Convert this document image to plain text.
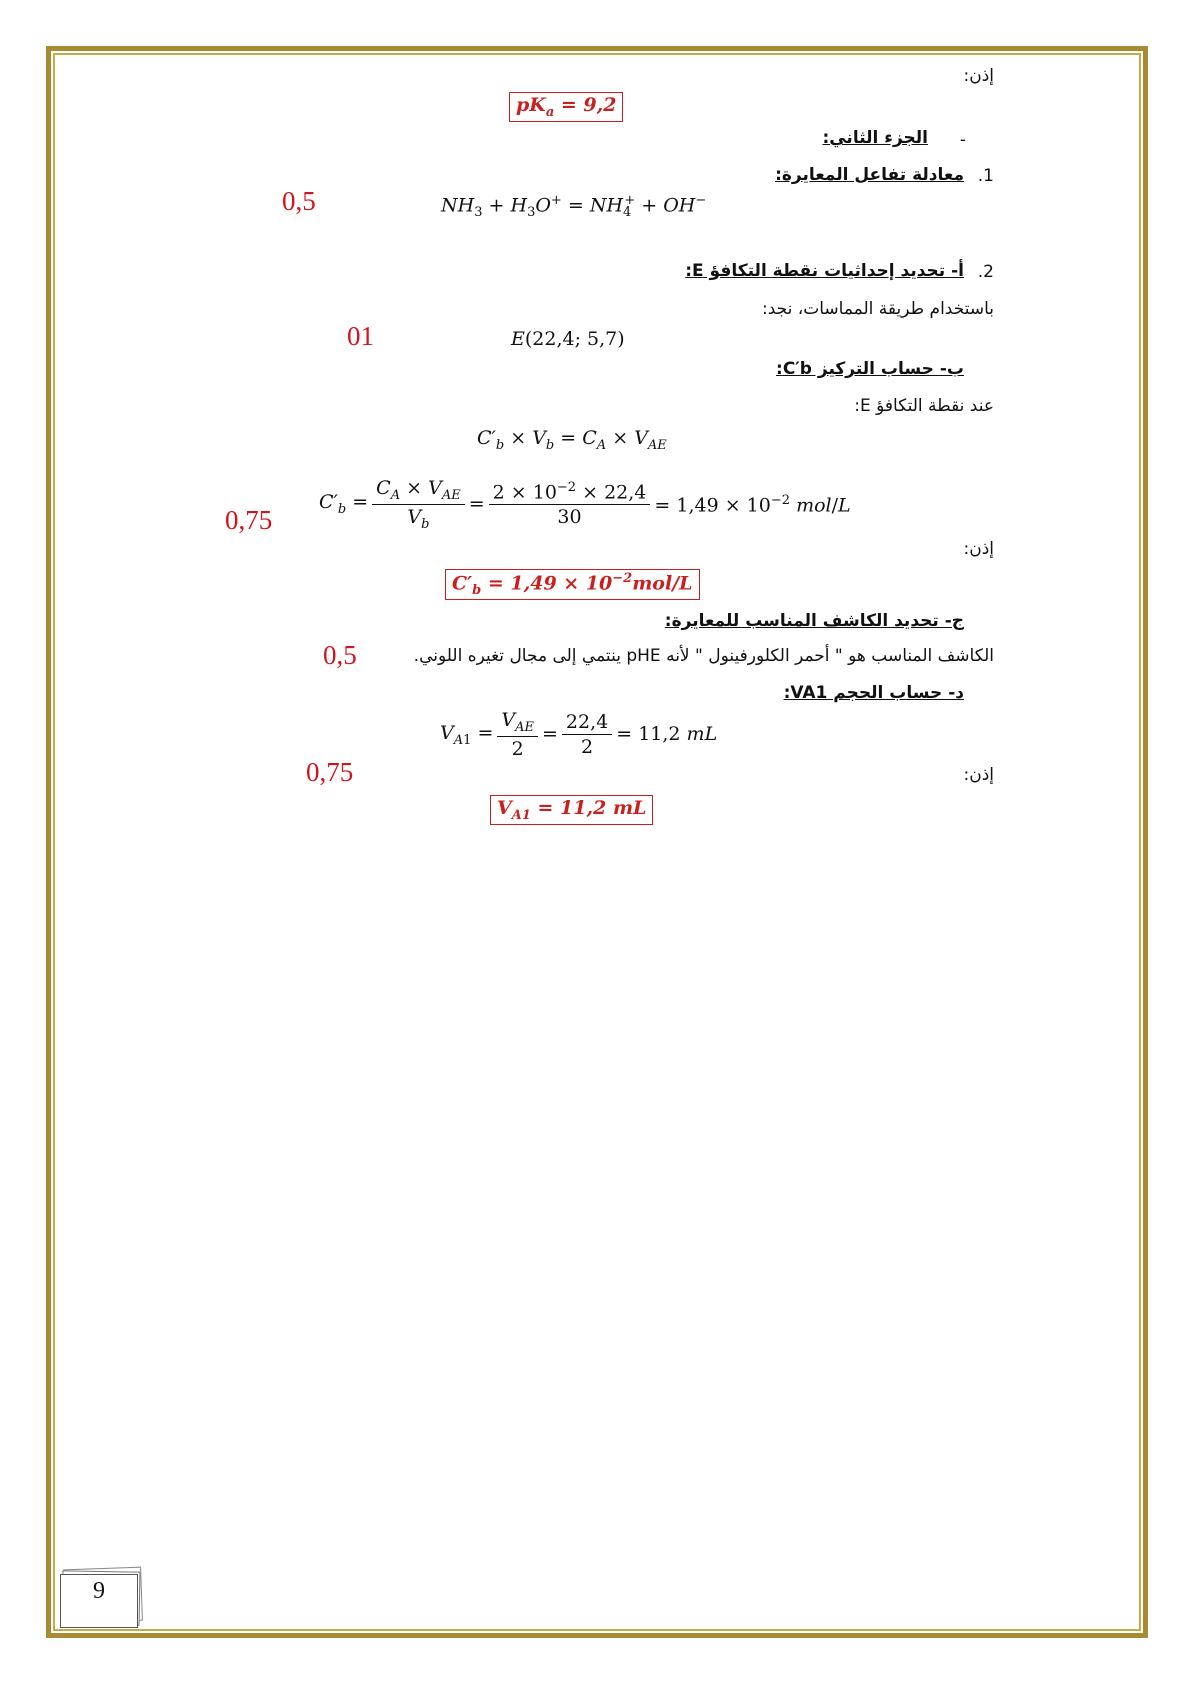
إذن:
$pK_a = 9,2$
-
الجزء الثاني:
1.
معادلة تفاعل المعايرة:
0,5	$NH_3 + H_3O^+ = NH_4^+ + OH^-$
2.
أ- تحديد إحداثيات نقطة التكافؤ E:
باستخدام طريقة المماسات، نجد:
01	E(22,4; 5,7)
ب- حساب التركيز C′b:
عند نقطة التكافؤ E:
$C'_b \times V_b = C_A \times V_{AE}$
$C'_b = \frac{C_A \times V_{AE}}{V_b} = \frac{2 \times 10^{-2} \times 22,4}{30} = 1,49 \times 10^{-2}$ mol/L
0,75
إذن:
$C'_b = 1,49 \times 10^{-2}mol/L$
ج- تحديد الكاشف المناسب للمعايرة:
0,5	الكاشف المناسب هو " أحمر الكلورفينول " لأنه pHE ينتمي إلى مجال تغيره اللوني.
د- حساب الحجم VA1:
$V_{A1} = \frac{V_{AE}}{2} = \frac{22,4}{2} = 11,2$ mL
0,75	إذن:
$V_{A1} = 11,2$ mL
9
